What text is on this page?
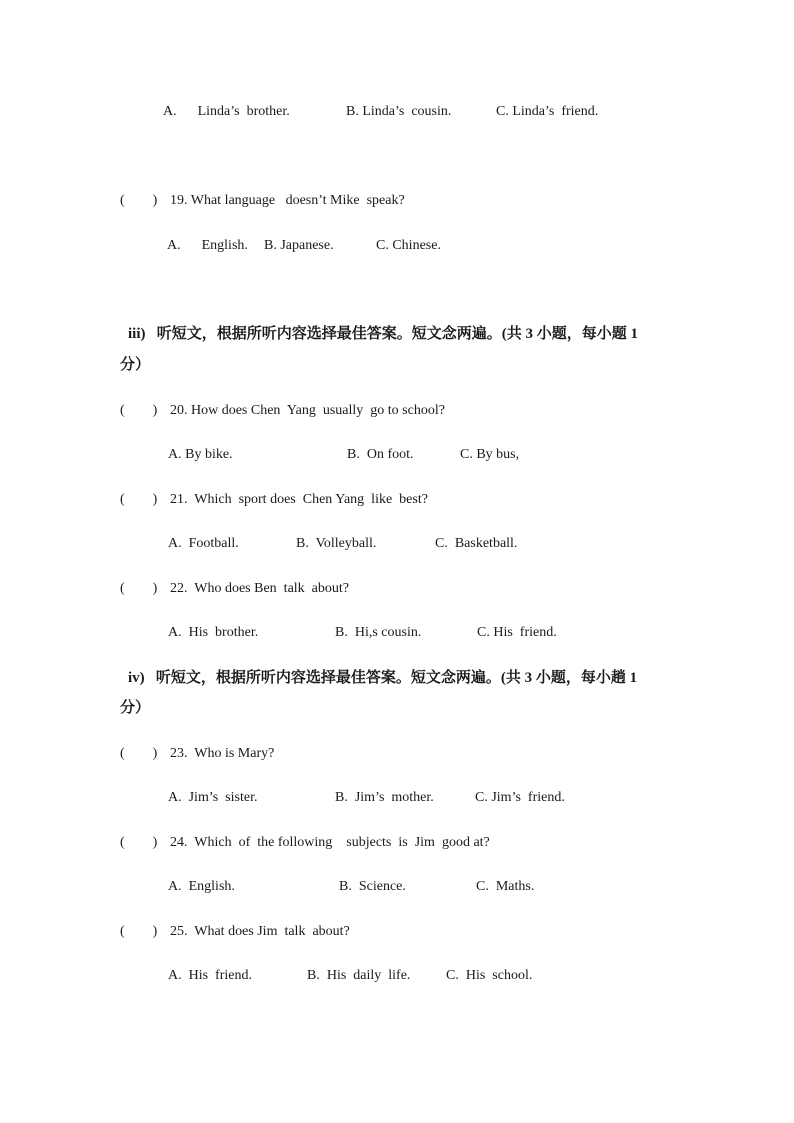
A.      Linda’s  brother.	B. Linda’s  cousin.	C. Linda’s  friend.
(        ) 19. What language   doesn’t Mike  speak?
A.      English. B. Japanese.	C. Chinese.
iii)   听短文，根据所听内容选择最佳答案。短文念两遍。(共 3 小题，每小题 1
分）
(        ) 20. How does Chen  Yang  usually  go to school?
A. By bike.	B.  On foot.	C. By bus,
(        ) 21.  Which  sport does  Chen Yang  like  best?
A.  Football.	B.  Volleyball.	C.  Basketball.
(        ) 22.  Who does Ben  talk  about?
A.  His  brother.	B.  Hi,s cousin.	C. His  friend.
iv)   听短文，根据所听内容选择最佳答案。短文念两遍。(共 3 小题，每小趟 1
分）
(        ) 23.  Who is Mary?
A.  Jim’s  sister.	B.  Jim’s  mother.	C. Jim’s  friend.
(        ) 24.  Which  of  the following    subjects  is  Jim  good at?
A.  English.	B.  Science.	C.  Maths.
(        ) 25.  What does Jim  talk  about?
A.  His  friend.	B.  His  daily  life.	C.  His  school.
